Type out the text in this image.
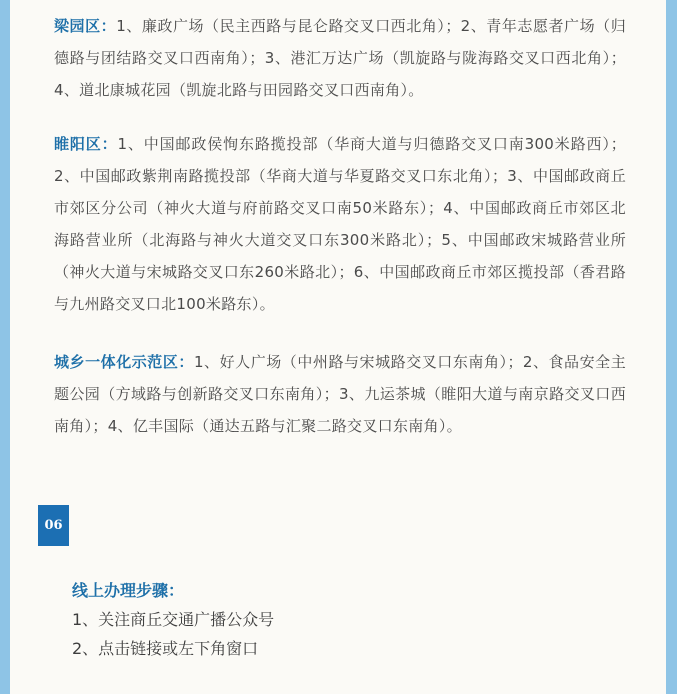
梁园区：1、廉政广场（民主西路与昆仑路交叉口西北角）；2、青年志愿者广场（归德路与团结路交叉口西南角）；3、港汇万达广场（凯旋路与陇海路交叉口西北角）；4、道北康城花园（凯旋北路与田园路交叉口西南角）。
睢阳区：1、中国邮政侯恂东路揽投部（华商大道与归德路交叉口南300米路西）；2、中国邮政紫荆南路揽投部（华商大道与华夏路交叉口东北角）；3、中国邮政商丘市郊区分公司（神火大道与府前路交叉口南50米路东）；4、中国邮政商丘市郊区北海路营业所（北海路与神火大道交叉口东300米路北）；5、中国邮政宋城路营业所（神火大道与宋城路交叉口东260米路北）；6、中国邮政商丘市郊区揽投部（香君路与九州路交叉口北100米路东）。
城乡一体化示范区：1、好人广场（中州路与宋城路交叉口东南角）；2、食品安全主题公园（方域路与创新路交叉口东南角）；3、九运茶城（睢阳大道与南京路交叉口西南角）；4、亿丰国际（通达五路与汇聚二路交叉口东南角）。
06
线上办理步骤：
1、关注商丘交通广播公众号
2、点击链接或左下角窗口
